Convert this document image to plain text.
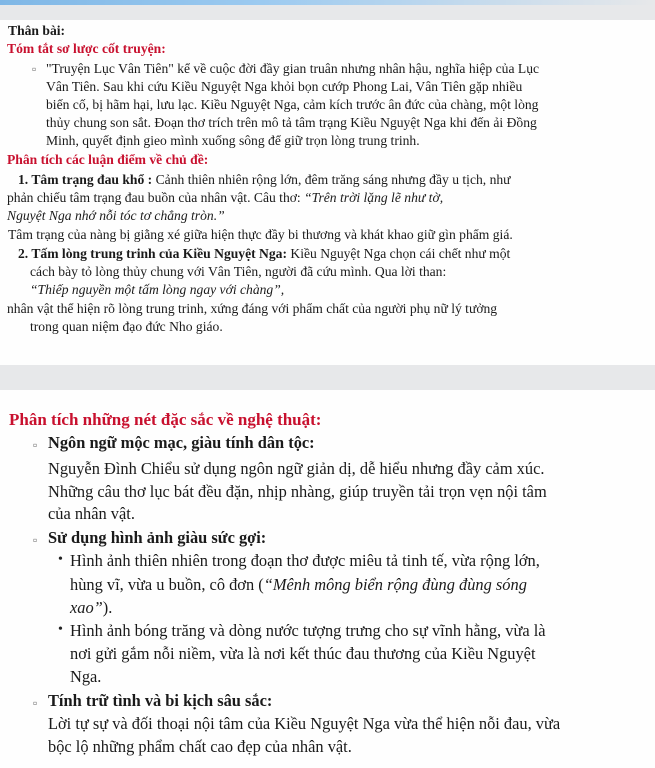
Thân bài:
Tóm tắt sơ lược cốt truyện:
▫ "Truyện Lục Vân Tiên" kể về cuộc đời đầy gian truân nhưng nhân hậu, nghĩa hiệp của Lục
Vân Tiên. Sau khi cứu Kiều Nguyệt Nga khỏi bọn cướp Phong Lai, Vân Tiên gặp nhiều
biến cố, bị hãm hại, lưu lạc. Kiều Nguyệt Nga, cảm kích trước ân đức của chàng, một lòng
thủy chung son sắt. Đoạn thơ trích trên mô tả tâm trạng Kiều Nguyệt Nga khi đến ải Đồng
Minh, quyết định gieo mình xuống sông để giữ trọn lòng trung trinh.
Phân tích các luận điểm về chủ đề:
1. Tâm trạng đau khổ : Cảnh thiên nhiên rộng lớn, đêm trăng sáng nhưng đầy u tịch, như
phản chiếu tâm trạng đau buồn của nhân vật. Câu thơ: “Trên trời lặng lẽ như tờ,
Nguyệt Nga nhớ nỗi tóc tơ chẳng tròn.”
Tâm trạng của nàng bị giằng xé giữa hiện thực đầy bi thương và khát khao giữ gìn phẩm giá.
2. Tấm lòng trung trinh của Kiều Nguyệt Nga: Kiều Nguyệt Nga chọn cái chết như một
cách bày tỏ lòng thủy chung với Vân Tiên, người đã cứu mình. Qua lời than:
“Thiếp nguyền một tấm lòng ngay với chàng”,
nhân vật thể hiện rõ lòng trung trinh, xứng đáng với phẩm chất của người phụ nữ lý tưởng
trong quan niệm đạo đức Nho giáo.
Phân tích những nét đặc sắc về nghệ thuật:
▫ Ngôn ngữ mộc mạc, giàu tính dân tộc:
Nguyễn Đình Chiểu sử dụng ngôn ngữ giản dị, dễ hiểu nhưng đầy cảm xúc.
Những câu thơ lục bát đều đặn, nhịp nhàng, giúp truyền tải trọn vẹn nội tâm
của nhân vật.
▫ Sử dụng hình ảnh giàu sức gợi:
• Hình ảnh thiên nhiên trong đoạn thơ được miêu tả tinh tế, vừa rộng lớn,
hùng vĩ, vừa u buồn, cô đơn (“Mênh mông biển rộng đùng đùng sóng
xao”).
• Hình ảnh bóng trăng và dòng nước tượng trưng cho sự vĩnh hằng, vừa là
nơi gửi gắm nỗi niềm, vừa là nơi kết thúc đau thương của Kiều Nguyệt
Nga.
▫ Tính trữ tình và bi kịch sâu sắc:
Lời tự sự và đối thoại nội tâm của Kiều Nguyệt Nga vừa thể hiện nỗi đau, vừa
bộc lộ những phẩm chất cao đẹp của nhân vật.
